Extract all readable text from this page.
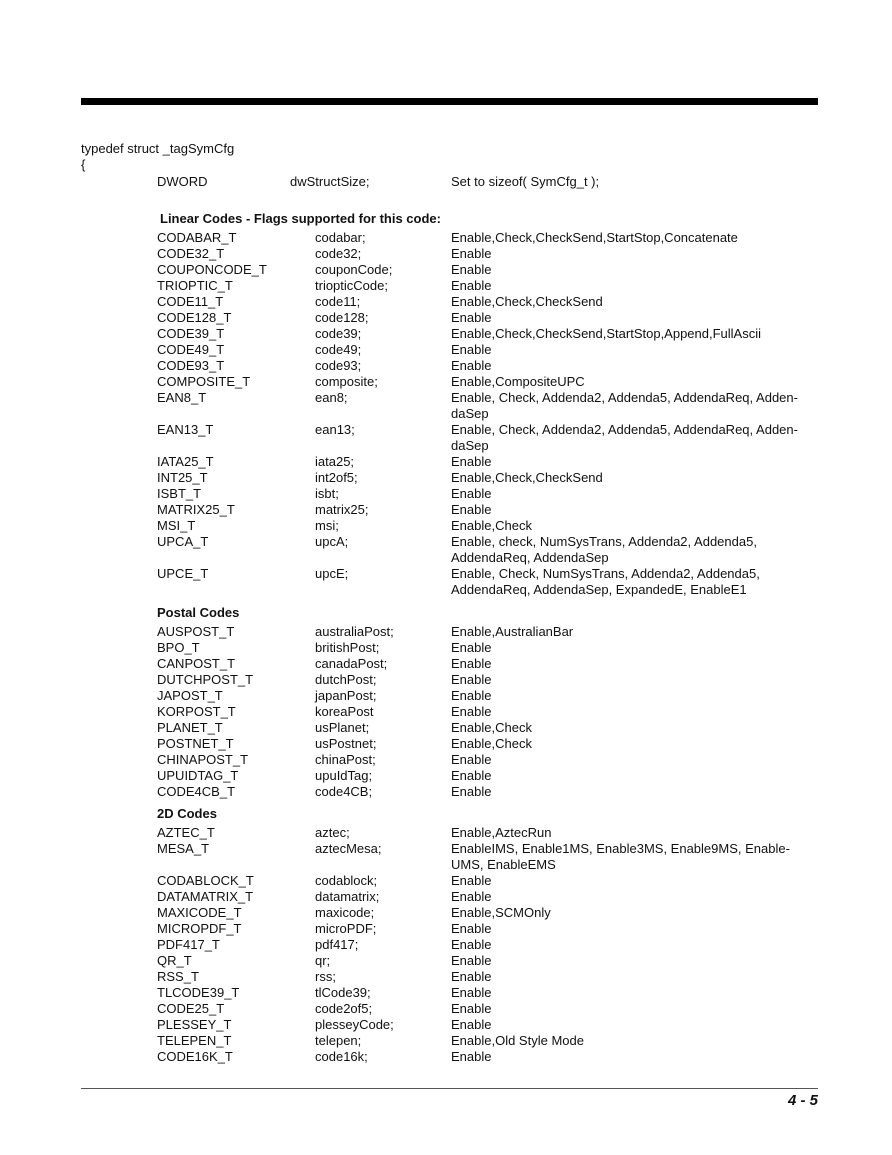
typedef struct _tagSymCfg
{
DWORD	dwStructSize;	Set to sizeof( SymCfg_t );
Linear Codes - Flags supported for this code:
CODABAR_T	codabar;	Enable,Check,CheckSend,StartStop,Concatenate
CODE32_T	code32;	Enable
COUPONCODE_T	couponCode;	Enable
TRIOPTIC_T	triopticCode;	Enable
CODE11_T	code11;	Enable,Check,CheckSend
CODE128_T	code128;	Enable
CODE39_T	code39;	Enable,Check,CheckSend,StartStop,Append,FullAscii
CODE49_T	code49;	Enable
CODE93_T	code93;	Enable
COMPOSITE_T	composite;	Enable,CompositeUPC
EAN8_T	ean8;	Enable, Check, Addenda2, Addenda5, AddendaReq, Adden-daSep
EAN13_T	ean13;	Enable, Check, Addenda2, Addenda5, AddendaReq, Adden-daSep
IATA25_T	iata25;	Enable
INT25_T	int2of5;	Enable,Check,CheckSend
ISBT_T	isbt;	Enable
MATRIX25_T	matrix25;	Enable
MSI_T	msi;	Enable,Check
UPCA_T	upcA;	Enable, check, NumSysTrans, Addenda2, Addenda5, AddendaReq, AddendaSep
UPCE_T	upcE;	Enable, Check, NumSysTrans, Addenda2, Addenda5, AddendaReq, AddendaSep, ExpandedE, EnableE1
Postal Codes
AUSPOST_T	australiaPost;	Enable,AustralianBar
BPO_T	britishPost;	Enable
CANPOST_T	canadaPost;	Enable
DUTCHPOST_T	dutchPost;	Enable
JAPOST_T	japanPost;	Enable
KORPOST_T	koreaPost	Enable
PLANET_T	usPlanet;	Enable,Check
POSTNET_T	usPostnet;	Enable,Check
CHINAPOST_T	chinaPost;	Enable
UPUIDTAG_T	upuIdTag;	Enable
CODE4CB_T	code4CB;	Enable
2D Codes
AZTEC_T	aztec;	Enable,AztecRun
MESA_T	aztecMesa;	EnableIMS, Enable1MS, Enable3MS, Enable9MS, Enable-UMS, EnableEMS
CODABLOCK_T	codablock;	Enable
DATAMATRIX_T	datamatrix;	Enable
MAXICODE_T	maxicode;	Enable,SCMOnly
MICROPDF_T	microPDF;	Enable
PDF417_T	pdf417;	Enable
QR_T	qr;	Enable
RSS_T	rss;	Enable
TLCODE39_T	tlCode39;	Enable
CODE25_T	code2of5;	Enable
PLESSEY_T	plesseyCode;	Enable
TELEPEN_T	telepen;	Enable,Old Style Mode
CODE16K_T	code16k;	Enable
4 - 5
